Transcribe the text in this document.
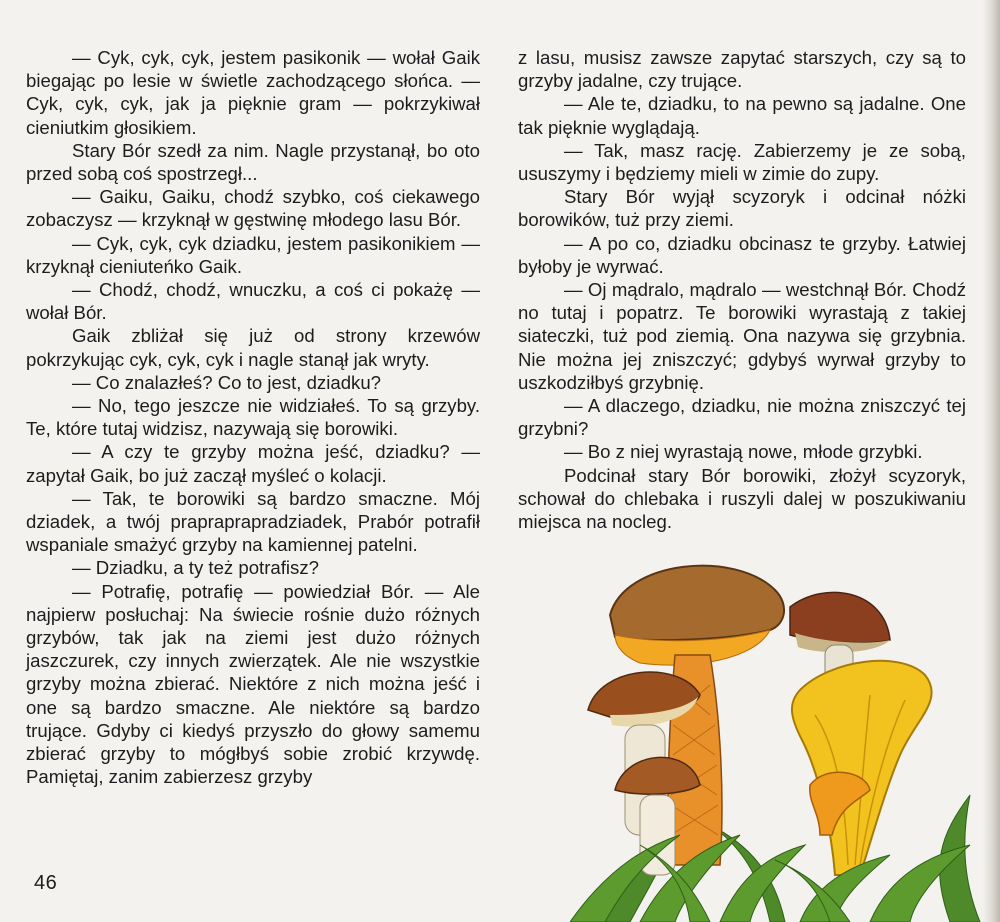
— Cyk, cyk, cyk, jestem pasikonik — wołał Gaik biegając po lesie w świetle zachodzącego słońca. — Cyk, cyk, cyk, jak ja pięknie gram — pokrzykiwał cieniutkim głosikiem.

Stary Bór szedł za nim. Nagle przystanął, bo oto przed sobą coś spostrzegł...

— Gaiku, Gaiku, chodź szybko, coś ciekawego zobaczysz — krzyknął w gęstwinę młodego lasu Bór.

— Cyk, cyk, cyk dziadku, jestem pasikonikiem — krzyknął cieniuteńko Gaik.

— Chodź, chodź, wnuczku, a coś ci pokażę — wołał Bór.

Gaik zbliżał się już od strony krzewów pokrzykując cyk, cyk, cyk i nagle stanął jak wryty.

— Co znalazłeś? Co to jest, dziadku?

— No, tego jeszcze nie widziałeś. To są grzyby. Te, które tutaj widzisz, nazywają się borowiki.

— A czy te grzyby można jeść, dziadku? — zapytał Gaik, bo już zaczął myśleć o kolacji.

— Tak, te borowiki są bardzo smaczne. Mój dziadek, a twój prapraprapradziadek, Prabór potrafił wspaniale smażyć grzyby na kamiennej patelni.

— Dziadku, a ty też potrafisz?

— Potrafię, potrafię — powiedział Bór. — Ale najpierw posłuchaj: Na świecie rośnie dużo różnych grzybów, tak jak na ziemi jest dużo różnych jaszczurek, czy innych zwierzątek. Ale nie wszystkie grzyby można zbierać. Niektóre z nich można jeść i one są bardzo smaczne. Ale niektóre są bardzo trujące. Gdyby ci kiedyś przyszło do głowy samemu zbierać grzyby to mógłbyś sobie zrobić krzywdę. Pamiętaj, zanim zabierzesz grzyby

z lasu, musisz zawsze zapytać starszych, czy są to grzyby jadalne, czy trujące.

— Ale te, dziadku, to na pewno są jadalne. One tak pięknie wyglądają.

— Tak, masz rację. Zabierzemy je ze sobą, ususzymy i będziemy mieli w zimie do zupy.

Stary Bór wyjął scyzoryk i odcinał nóżki borowików, tuż przy ziemi.

— A po co, dziadku obcinasz te grzyby. Łatwiej byłoby je wyrwać.

— Oj mądralo, mądralo — westchnął Bór. Chodź no tutaj i popatrz. Te borowiki wyrastają z takiej siateczki, tuż pod ziemią. Ona nazywa się grzybnia. Nie można jej zniszczyć; gdybyś wyrwał grzyby to uszkodziłbyś grzybnię.

— A dlaczego, dziadku, nie można zniszczyć tej grzybni?

— Bo z niej wyrastają nowe, młode grzybki.

Podcinał stary Bór borowiki, złożył scyzoryk, schował do chlebaka i ruszyli dalej w poszukiwaniu miejsca na nocleg.

46
